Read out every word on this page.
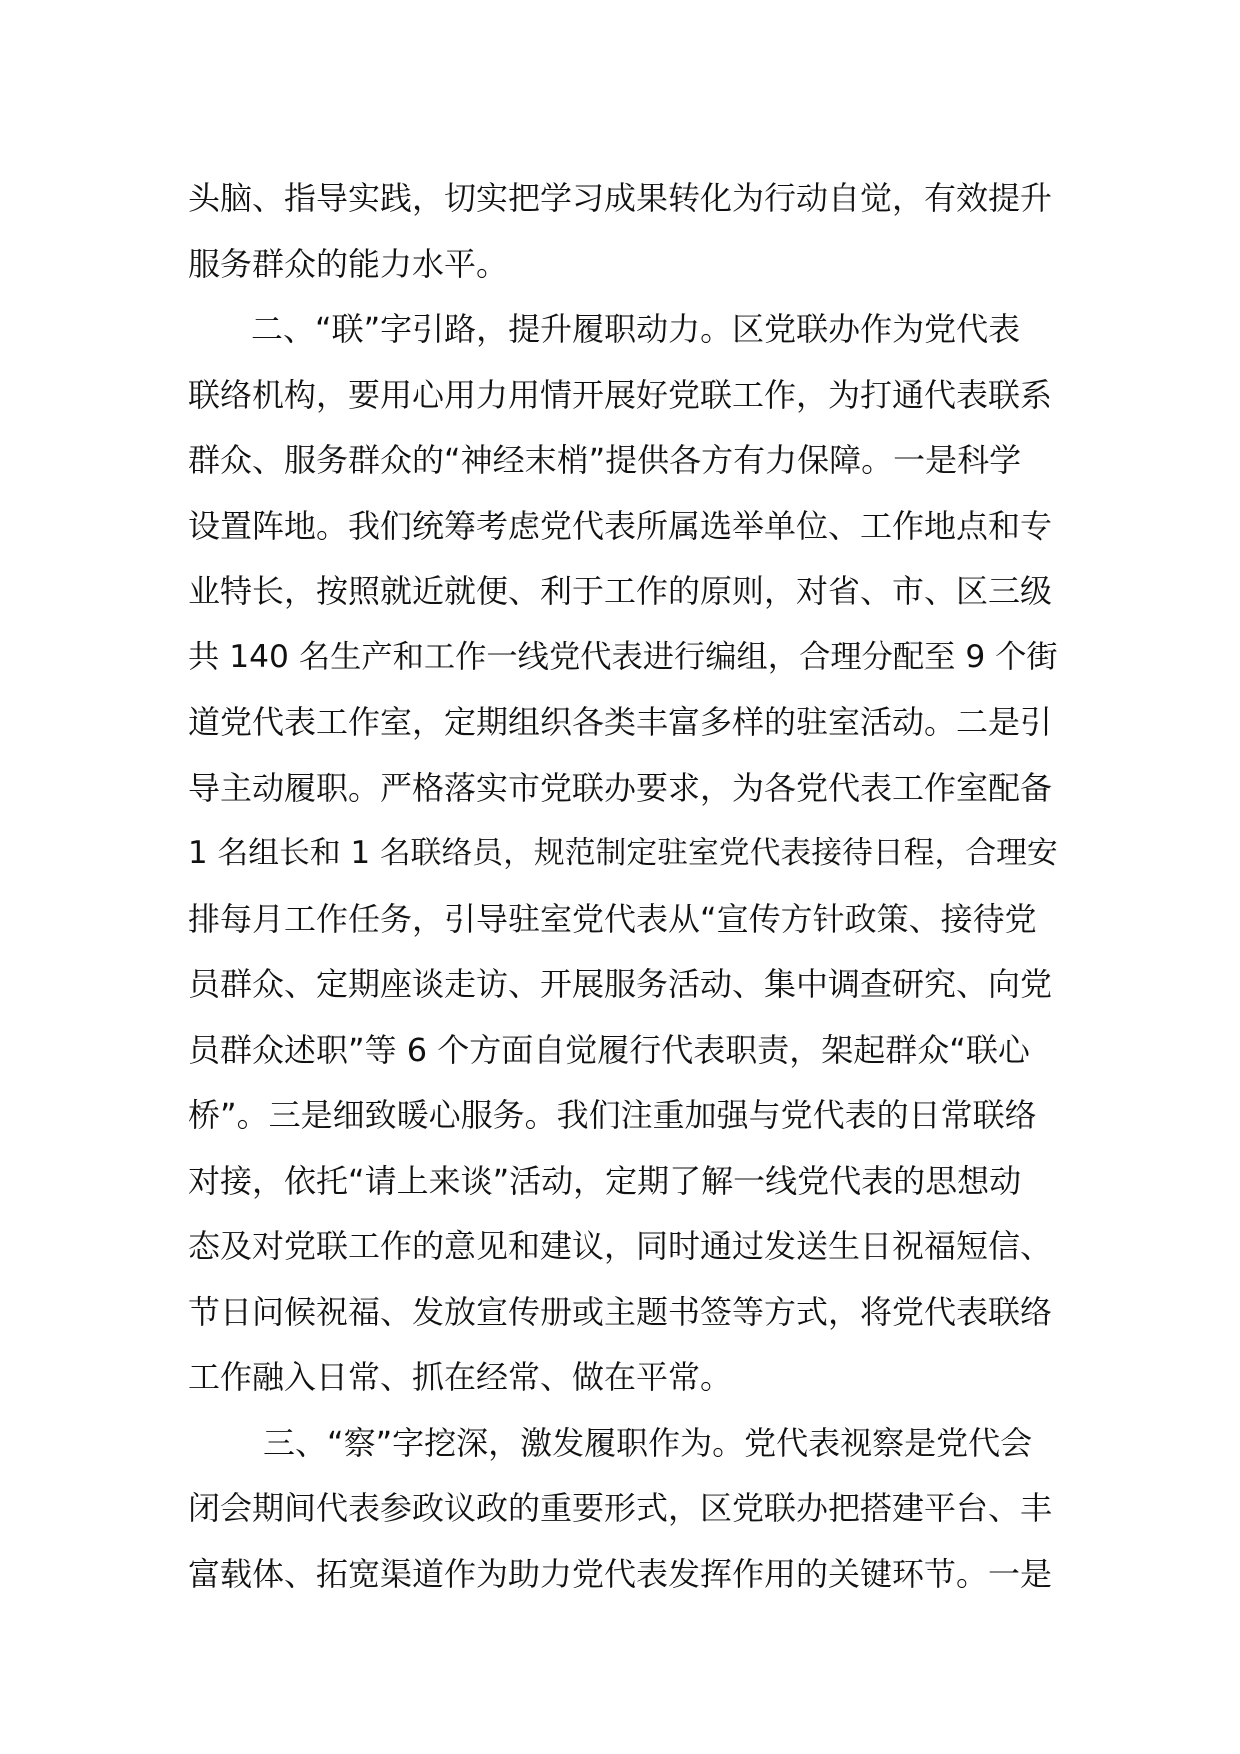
头脑、指导实践，切实把学习成果转化为行动自觉，有效提升
服务群众的能力水平。
二、“联”字引路，提升履职动力。区党联办作为党代表
联络机构，要用心用力用情开展好党联工作，为打通代表联系
群众、服务群众的“神经末梢”提供各方有力保障。一是科学
设置阵地。我们统筹考虑党代表所属选举单位、工作地点和专
业特长，按照就近就便、利于工作的原则，对省、市、区三级
共 140 名生产和工作一线党代表进行编组，合理分配至 9 个街
道党代表工作室，定期组织各类丰富多样的驻室活动。二是引
导主动履职。严格落实市党联办要求，为各党代表工作室配备
1 名组长和 1 名联络员，规范制定驻室党代表接待日程，合理安
排每月工作任务，引导驻室党代表从“宣传方针政策、接待党
员群众、定期座谈走访、开展服务活动、集中调查研究、向党
员群众述职”等 6 个方面自觉履行代表职责，架起群众“联心
桥”。三是细致暖心服务。我们注重加强与党代表的日常联络
对接，依托“请上来谈”活动，定期了解一线党代表的思想动
态及对党联工作的意见和建议，同时通过发送生日祝福短信、
节日问候祝福、发放宣传册或主题书签等方式，将党代表联络
工作融入日常、抓在经常、做在平常。
三、“察”字挖深，激发履职作为。党代表视察是党代会
闭会期间代表参政议政的重要形式，区党联办把搭建平台、丰
富载体、拓宽渠道作为助力党代表发挥作用的关键环节。一是
